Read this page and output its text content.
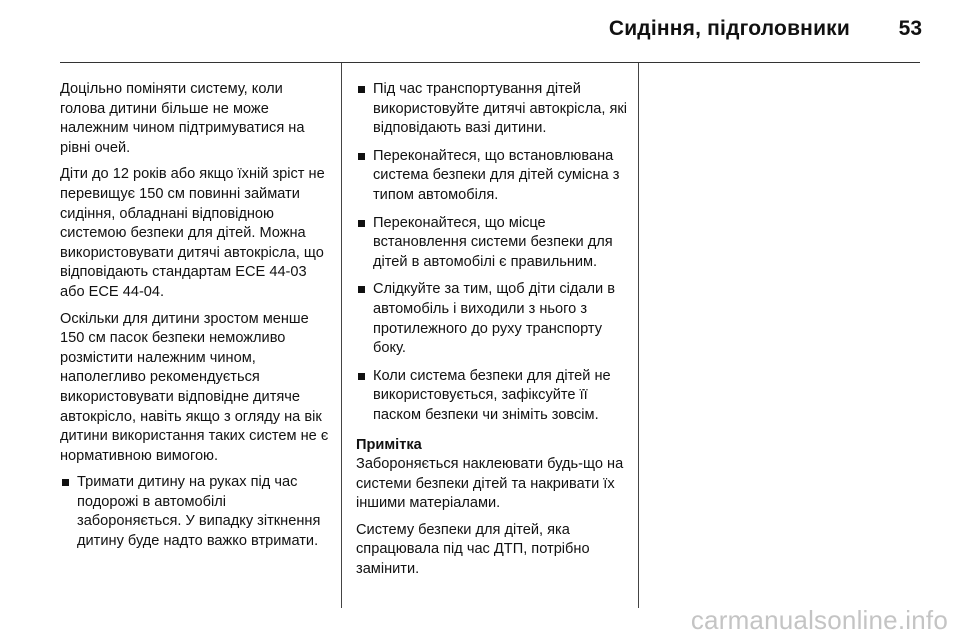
Сидіння, підголовники	53

Доцільно поміняти систему, коли голова дитини більше не може належним чином підтримуватися на рівні очей.

Діти до 12 років або якщо їхній зріст не перевищує 150 см повинні займати сидіння, обладнані відповідною системою безпеки для дітей. Можна використовувати дитячі автокрісла, що відповідають стандартам ЕСЕ 44-03 або ЕСЕ 44-04.

Оскільки для дитини зростом менше 150 см пасок безпеки неможливо розмістити належним чином, наполегливо рекомендується використовувати відповідне дитяче автокрісло, навіть якщо з огляду на вік дитини використання таких систем не є нормативною вимогою.

Тримати дитину на руках під час подорожі в автомобілі забороняється. У випадку зіткнення дитину буде надто важко втримати.
Під час транспортування дітей використовуйте дитячі автокрісла, які відповідають вазі дитини.
Переконайтеся, що встановлювана система безпеки для дітей сумісна з типом автомобіля.
Переконайтеся, що місце встановлення системи безпеки для дітей в автомобілі є правильним.
Слідкуйте за тим, щоб діти сідали в автомобіль і виходили з нього з протилежного до руху транспорту боку.
Коли система безпеки для дітей не використовується, зафіксуйте її паском безпеки чи зніміть зовсім.
Примітка

Забороняється наклеювати будь-що на системи безпеки дітей та накривати їх іншими матеріалами.

Систему безпеки для дітей, яка спрацювала під час ДТП, потрібно замінити.

carmanualsonline.info
